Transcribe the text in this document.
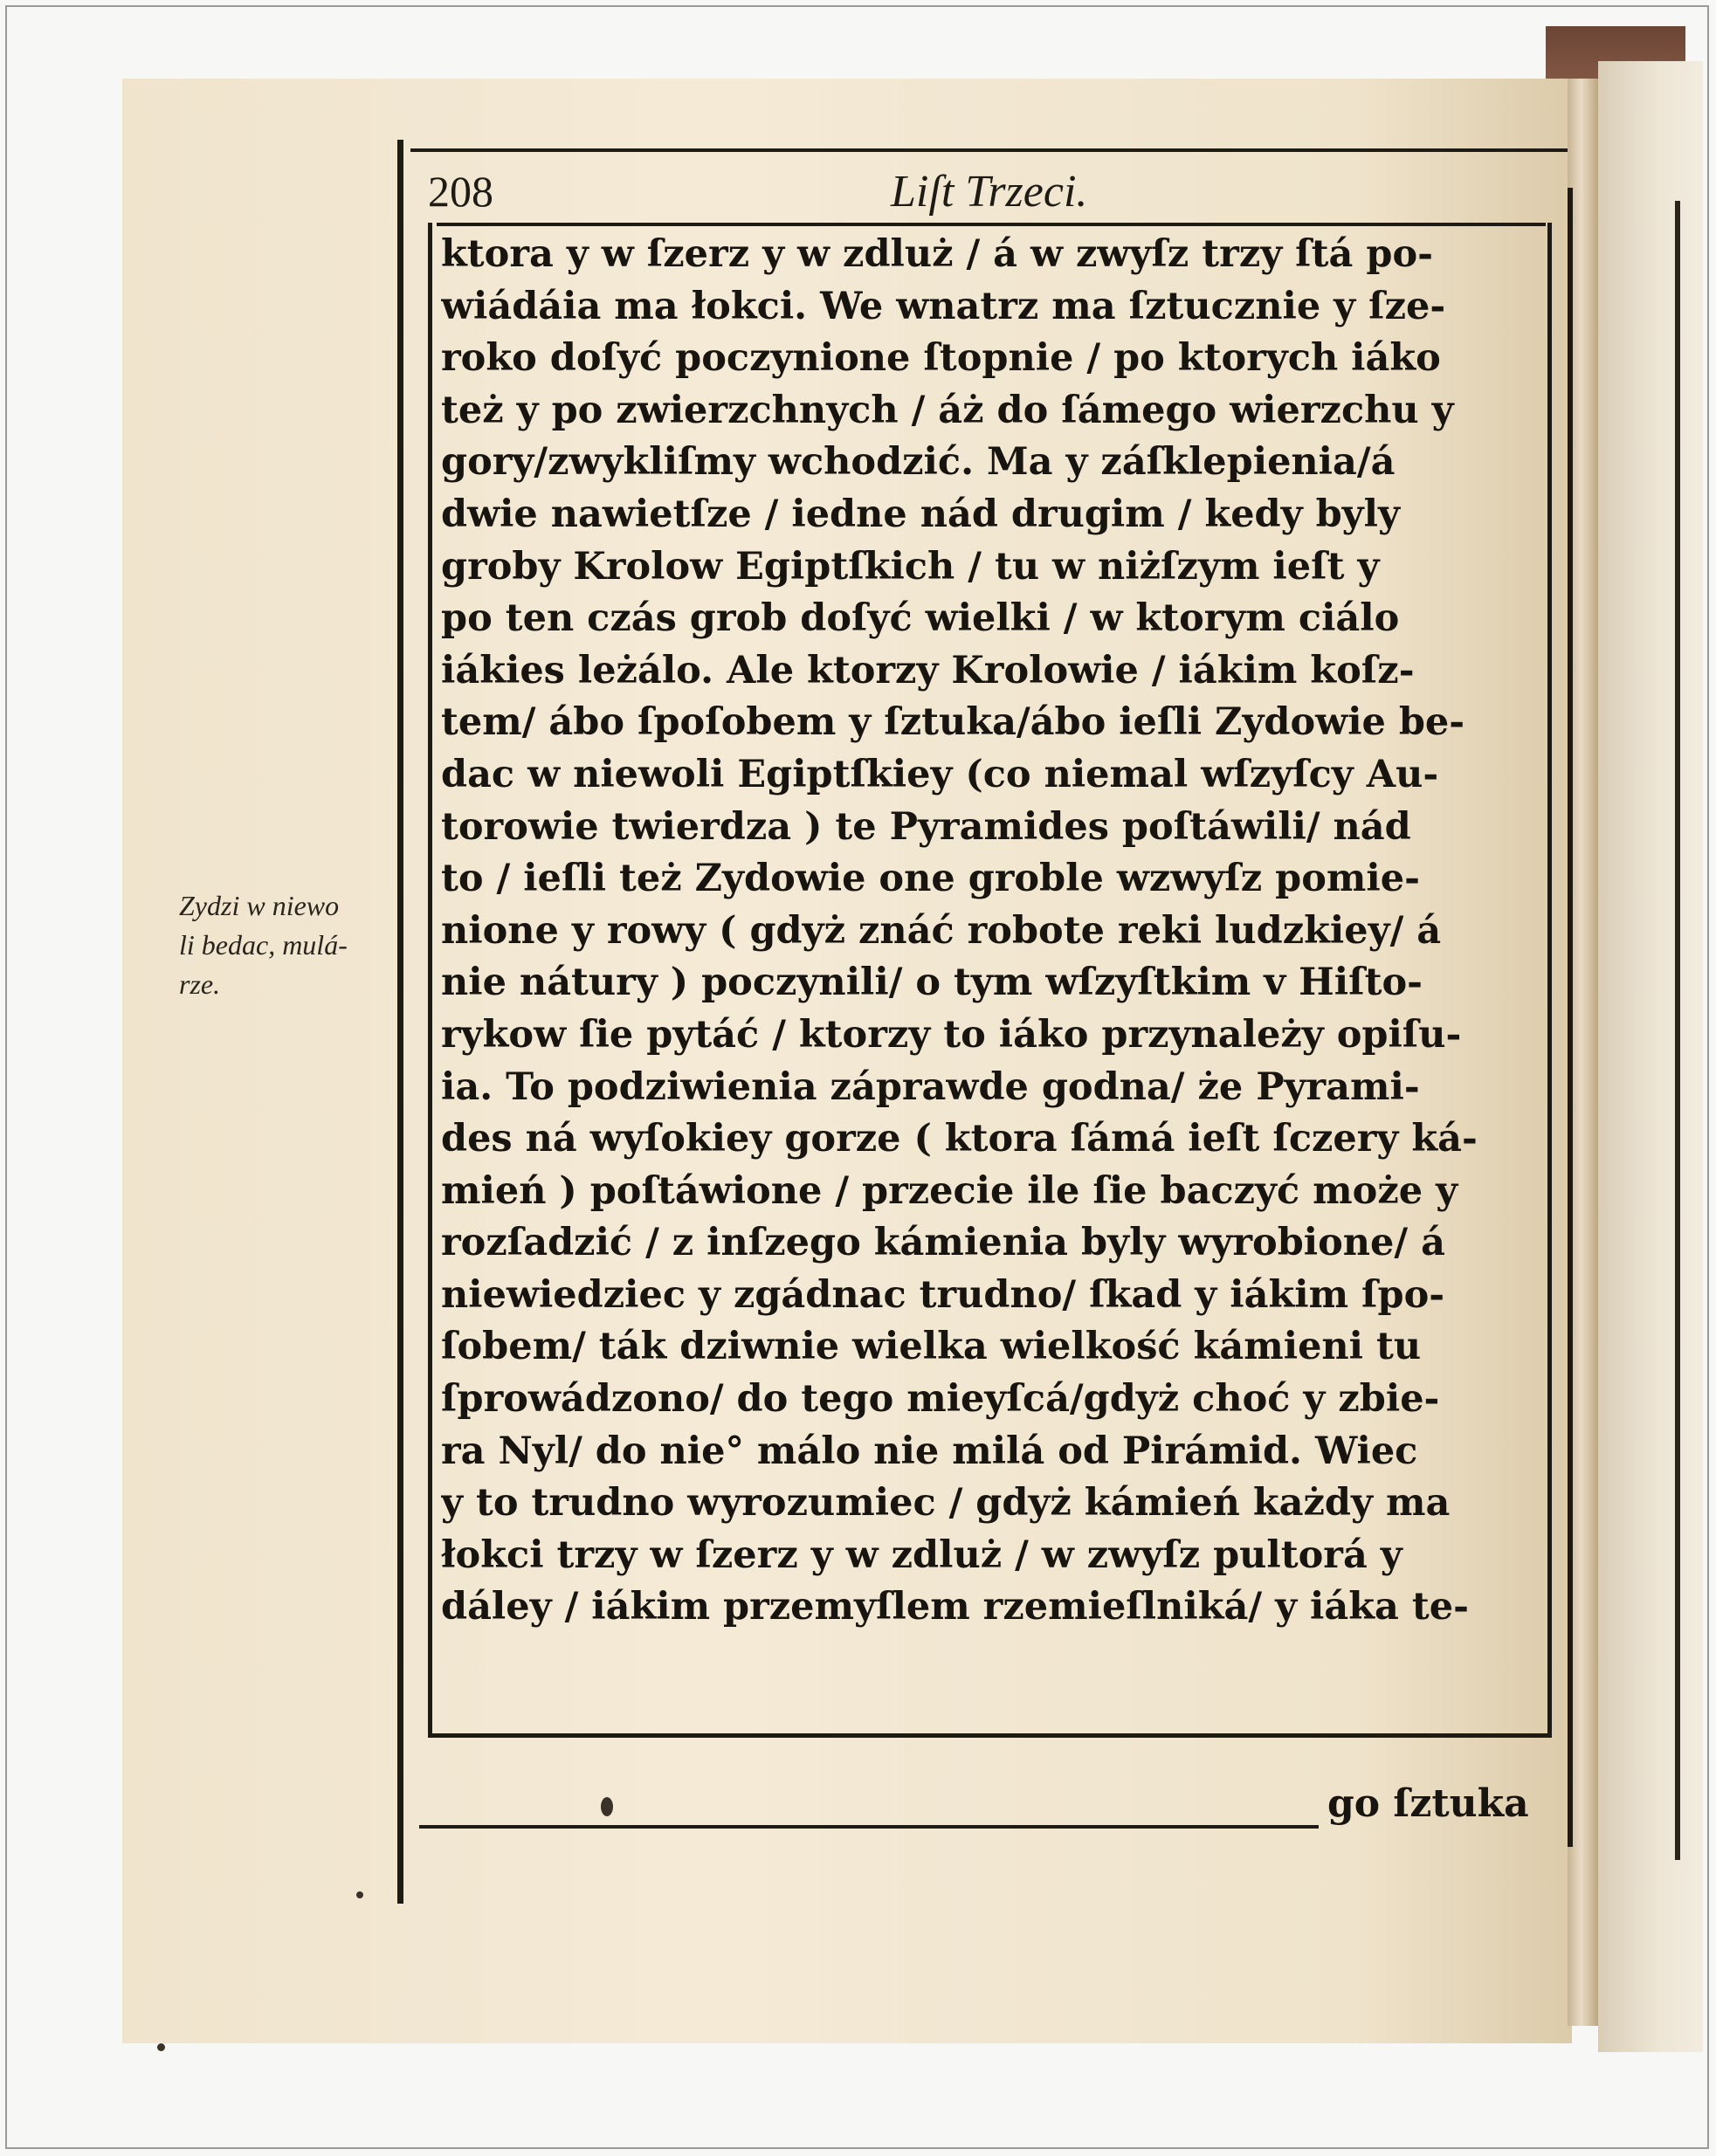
208	Liſt Trzeci.
Zydzi w niewo
li bedac, mulá-
rze.
ktora y w ſzerz y w zdluż / á w zwyſz trzy ſtá po-
wiádáia ma łokci. We wnatrz ma ſztucznie y ſze-
roko doſyć poczynione ſtopnie / po ktorych iáko
też y po zwierzchnych / áż do ſámego wierzchu y
gory/zwykliſmy wchodzić. Ma y záſklepienia/á
dwie nawietſze / iedne nád drugim / kedy byly
groby Krolow Egiptſkich / tu w niżſzym ieſt y
po ten czás grob doſyć wielki / w ktorym ciálo
iákies leżálo. Ale ktorzy Krolowie / iákim koſz-
tem/ ábo ſpoſobem y ſztuka/ábo ieſli Zydowie be-
dac w niewoli Egiptſkiey (co niemal wſzyſcy Au-
torowie twierdza ) te Pyramides poſtáwili/ nád
to / ieſli też Zydowie one groble wzwyſz pomie-
nione y rowy ( gdyż znáć robote reki ludzkiey/ á
nie nátury ) poczynili/ o tym wſzyſtkim v Hiſto-
rykow ſie pytáć / ktorzy to iáko przynależy opiſu-
ia. To podziwienia záprawde godna/ że Pyrami-
des ná wyſokiey gorze ( ktora ſámá ieſt ſczery ká-
mień ) poſtáwione / przecie ile ſie baczyć może y
rozſadzić / z inſzego kámienia byly wyrobione/ á
niewiedziec y zgádnac trudno/ ſkad y iákim ſpo-
ſobem/ ták dziwnie wielka wielkość kámieni tu
ſprowádzono/ do tego mieyſcá/gdyż choć y zbie-
ra Nyl/ do nie° málo nie milá od Pirámid. Wiec
y to trudno wyrozumiec / gdyż kámień każdy ma
łokci trzy w ſzerz y w zdluż / w zwyſz pultorá y
dáley / iákim przemyſlem rzemieſlniká/ y iáka te-
go ſztuka
